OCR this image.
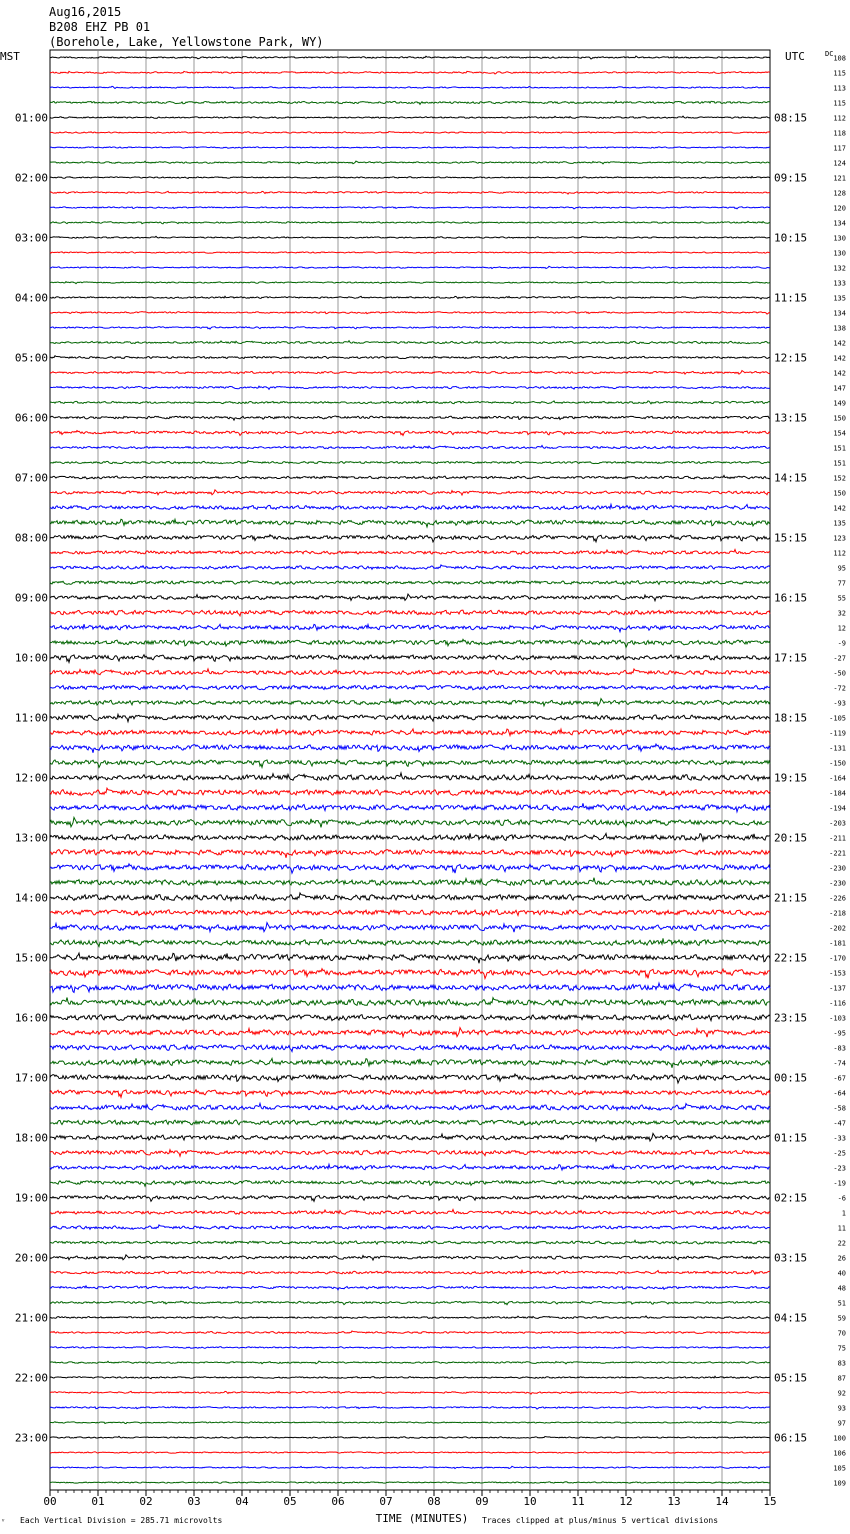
Aug16,2015
B208 EHZ PB 01
(Borehole, Lake, Yellowstone Park, WY)
MST	UTC	DC
TIME (MINUTES)
ⱽ Each Vertical Division = 285.71 microvolts	Traces clipped at plus/minus 5 vertical divisions
00	01	02	03	04	05	06	07	08	09	10	11	12	13	14	15
108
115
113
115
112
01:00	08:15
118
117
124
121
02:00	09:15
128
120
134
130
03:00	10:15
130
132
133
135
04:00	11:15
134
138
142
142
05:00	12:15
142
147
149
150
06:00	13:15
154
151
151
152
07:00	14:15
150
142
135
123
08:00	15:15
112
95
77
55
09:00	16:15
32
12
-9
-27
10:00	17:15
-50
-72
-93
-105
11:00	18:15
-119
-131
-150
-164
12:00	19:15
-184
-194
-203
-211
13:00	20:15
-221
-230
-230
-226
14:00	21:15
-218
-202
-181
-170
15:00	22:15
-153
-137
-116
-103
16:00	23:15
-95
-83
-74
-67
17:00	00:15
-64
-58
-47
-33
18:00	01:15
-25
-23
-19
-6
19:00	02:15
1
11
22
26
20:00	03:15
40
48
51
59
21:00	04:15
70
75
83
87
22:00	05:15
92
93
97
100
23:00	06:15
106
105
109
